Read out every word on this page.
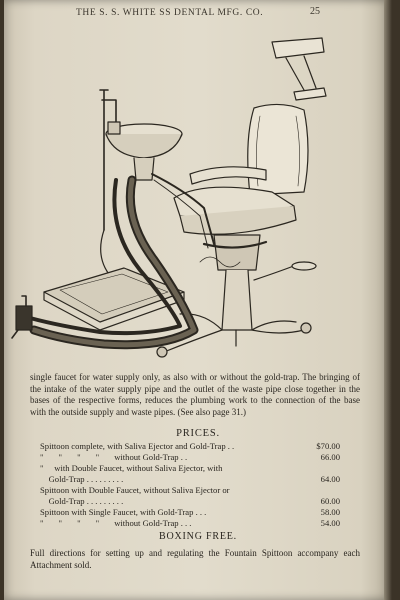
THE S. S. WHITE SS DENTAL MFG. CO.	25
single faucet for water supply only, as also with or without the gold-trap. The bringing of the intake of the water supply pipe and the outlet of the waste pipe close together in the bases of the respective forms, reduces the plumbing work to the connection of the base with the outside supply and waste pipes. (See also page 31.)
PRICES.
Spittoon complete, with Saliva Ejector and Gold-Trap . .	$70.00
"       "       "       "       without Gold-Trap . .	66.00
"     with Double Faucet, without Saliva Ejector, with
Gold-Trap . . . . . . . . .	64.00
Spittoon with Double Faucet, without Saliva Ejector or
Gold-Trap . . . . . . . . .	60.00
Spittoon with Single Faucet, with Gold-Trap . . .	58.00
"       "       "       "       without Gold-Trap . . .	54.00
BOXING FREE.
Full directions for setting up and regulating the Fountain Spittoon accompany each Attachment sold.
